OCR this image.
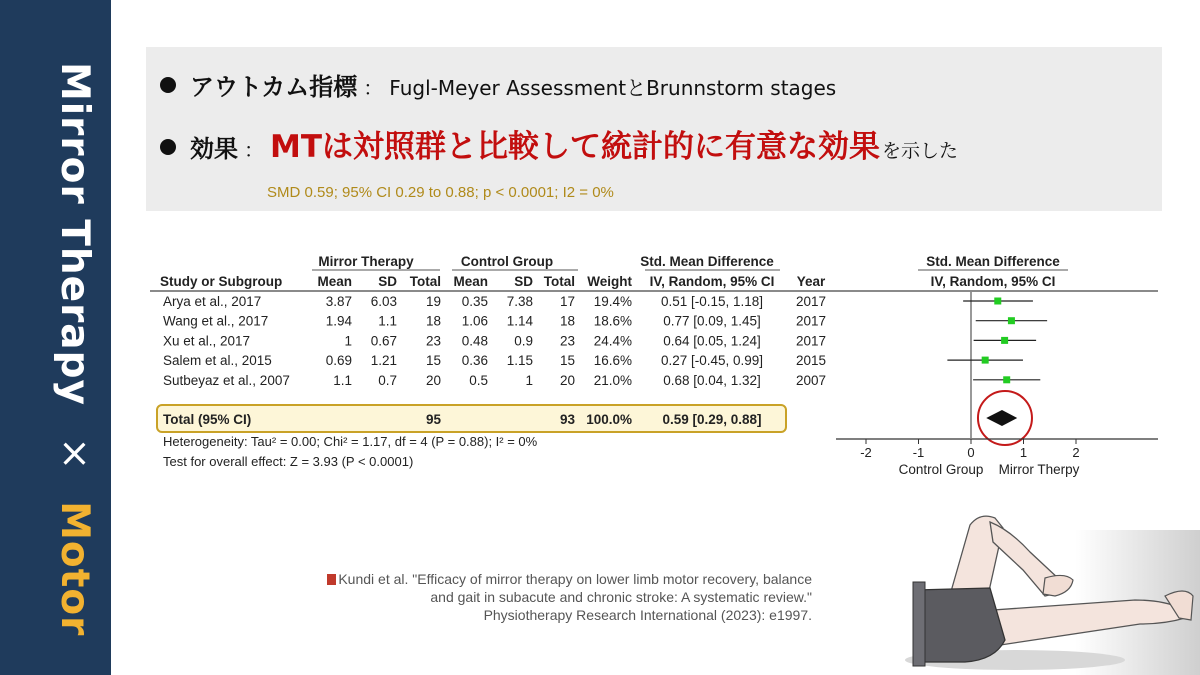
Mirror Therapy × Motor
アウトカム指標 ： Fugl-Meyer AssessmentとBrunnstorm stages
効果 ： MTは対照群と比較して統計的に有意な効果 を示した
SMD 0.59; 95% CI 0.29 to 0.88; p < 0.0001; I2 = 0%
Mirror Therapy	Control Group	Std. Mean Difference	Std. Mean Difference
Study or Subgroup	Mean SD Total Mean SD Total Weight IV, Random, 95% CI Year	IV, Random, 95% CI
Arya et al., 2017	3.87 6.03 19 0.35 7.38 17 19.4% 0.51 [-0.15, 1.18] 2017
Wang et al., 2017	1.94 1.1 18 1.06 1.14 18 18.6% 0.77 [0.09, 1.45]	2017
Xu et al., 2017	1 0.67 23 0.48 0.9 23 24.4% 0.64 [0.05, 1.24]	2017
Salem et al., 2015	0.69 1.21 15 0.36 1.15 15 16.6% 0.27 [-0.45, 0.99] 2015
Sutbeyaz et al., 2007	1.1 0.7 20 0.5	1 20 21.0% 0.68 [0.04, 1.32]	2007
Total (95% CI)	95	93 100.0% 0.59 [0.29, 0.88]
Heterogeneity: Tau² = 0.00; Chi² = 1.17, df = 4 (P = 0.88); I² = 0%
Test for overall effect: Z = 3.93 (P < 0.0001)
-2	-1	0	1	2
Control Group Mirror Therpy
Kundi et al. "Efficacy of mirror therapy on lower limb motor recovery, balance
and gait in subacute and chronic stroke: A systematic review."
Physiotherapy Research International (2023): e1997.
